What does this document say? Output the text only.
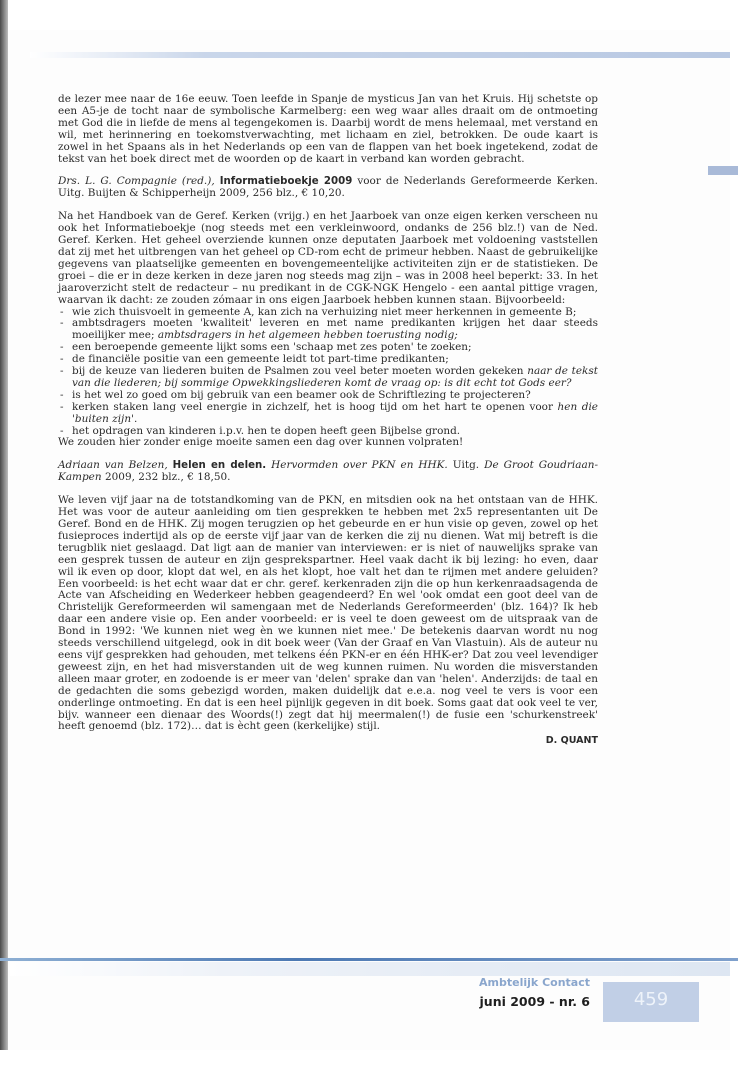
de lezer mee naar de 16e eeuw. Toen leefde in Spanje de mysticus Jan van het Kruis. Hij schetste op een A5-je de tocht naar de symbolische Karmelberg: een weg waar alles draait om de ontmoeting met God die in liefde de mens al tegengekomen is. Daarbij wordt de mens helemaal, met verstand en wil, met herinnering en toekomstverwachting, met lichaam en ziel, betrokken. De oude kaart is zowel in het Spaans als in het Nederlands op een van de flappen van het boek ingetekend, zodat de tekst van het boek direct met de woorden op de kaart in verband kan worden gebracht.

Drs. L. G. Compagnie (red.), Informatieboekje 2009 voor de Nederlands Gereformeerde Kerken. Uitg. Buijten & Schipperheijn 2009, 256 blz., € 10,20.

Na het Handboek van de Geref. Kerken (vrijg.) en het Jaarboek van onze eigen kerken verscheen nu ook het Informatieboekje (nog steeds met een verkleinwoord, ondanks de 256 blz.!) van de Ned. Geref. Kerken. Het geheel overziende kunnen onze deputaten Jaarboek met voldoening vaststellen dat zij met het uitbrengen van het geheel op CD-rom echt de primeur hebben. Naast de gebruikelijke gegevens van plaatselijke gemeenten en bovengemeentelijke activiteiten zijn er de statistieken. De groei – die er in deze kerken in deze jaren nog steeds mag zijn – was in 2008 heel beperkt: 33. In het jaaroverzicht stelt de redacteur – nu predikant in de CGK-NGK Hengelo - een aantal pittige vragen, waarvan ik dacht: ze zouden zómaar in ons eigen Jaarboek hebben kunnen staan. Bijvoorbeeld:

- wie zich thuisvoelt in gemeente A, kan zich na verhuizing niet meer herkennen in gemeente B;
- ambtsdragers moeten 'kwaliteit' leveren en met name predikanten krijgen het daar steeds moeilijker mee; ambtsdragers in het algemeen hebben toerusting nodig;
- een beroepende gemeente lijkt soms een 'schaap met zes poten' te zoeken;
- de financiële positie van een gemeente leidt tot part-time predikanten;
- bij de keuze van liederen buiten de Psalmen zou veel beter moeten worden gekeken naar de tekst van die liederen; bij sommige Opwekkingsliederen komt de vraag op: is dit echt tot Gods eer?
- is het wel zo goed om bij gebruik van een beamer ook de Schriftlezing te projecteren?
- kerken staken lang veel energie in zichzelf, het is hoog tijd om het hart te openen voor hen die 'buiten zijn'.
- het opdragen van kinderen i.p.v. hen te dopen heeft geen Bijbelse grond.

We zouden hier zonder enige moeite samen een dag over kunnen volpraten!

Adriaan van Belzen, Helen en delen. Hervormden over PKN en HHK. Uitg. De Groot Goudriaan-Kampen 2009, 232 blz., € 18,50.

We leven vijf jaar na de totstandkoming van de PKN, en mitsdien ook na het ontstaan van de HHK. Het was voor de auteur aanleiding om tien gesprekken te hebben met 2x5 representanten uit De Geref. Bond en de HHK. Zij mogen terugzien op het gebeurde en er hun visie op geven, zowel op het fusieproces indertijd als op de eerste vijf jaar van de kerken die zij nu dienen. Wat mij betreft is die terugblik niet geslaagd. Dat ligt aan de manier van interviewen: er is niet of nauwelijks sprake van een gesprek tussen de auteur en zijn gesprekspartner. Heel vaak dacht ik bij lezing: ho even, daar wil ik even op door, klopt dat wel, en als het klopt, hoe valt het dan te rijmen met andere geluiden? Een voorbeeld: is het echt waar dat er chr. geref. kerkenraden zijn die op hun kerkenraadsagenda de Acte van Afscheiding en Wederkeer hebben geagendeerd? En wel 'ook omdat een goot deel van de Christelijk Gereformeerden wil samengaan met de Nederlands Gereformeerden' (blz. 164)? Ik heb daar een andere visie op. Een ander voorbeeld: er is veel te doen geweest om de uitspraak van de Bond in 1992: 'We kunnen niet weg èn we kunnen niet mee.' De betekenis daarvan wordt nu nog steeds verschillend uitgelegd, ook in dit boek weer (Van der Graaf en Van Vlastuin). Als de auteur nu eens vijf gesprekken had gehouden, met telkens één PKN-er en één HHK-er? Dat zou veel levendiger geweest zijn, en het had misverstanden uit de weg kunnen ruimen. Nu worden die misverstanden alleen maar groter, en zodoende is er meer van 'delen' sprake dan van 'helen'. Anderzijds: de taal en de gedachten die soms gebezigd worden, maken duidelijk dat e.e.a. nog veel te vers is voor een onderlinge ontmoeting. En dat is een heel pijnlijk gegeven in dit boek. Soms gaat dat ook veel te ver, bijv. wanneer een dienaar des Woords(!) zegt dat hij meermalen(!) de fusie een 'schurkenstreek' heeft genoemd (blz. 172)… dat is ècht geen (kerkelijke) stijl.

D. QUANT
Ambtelijk Contact
juni 2009 - nr. 6	459
